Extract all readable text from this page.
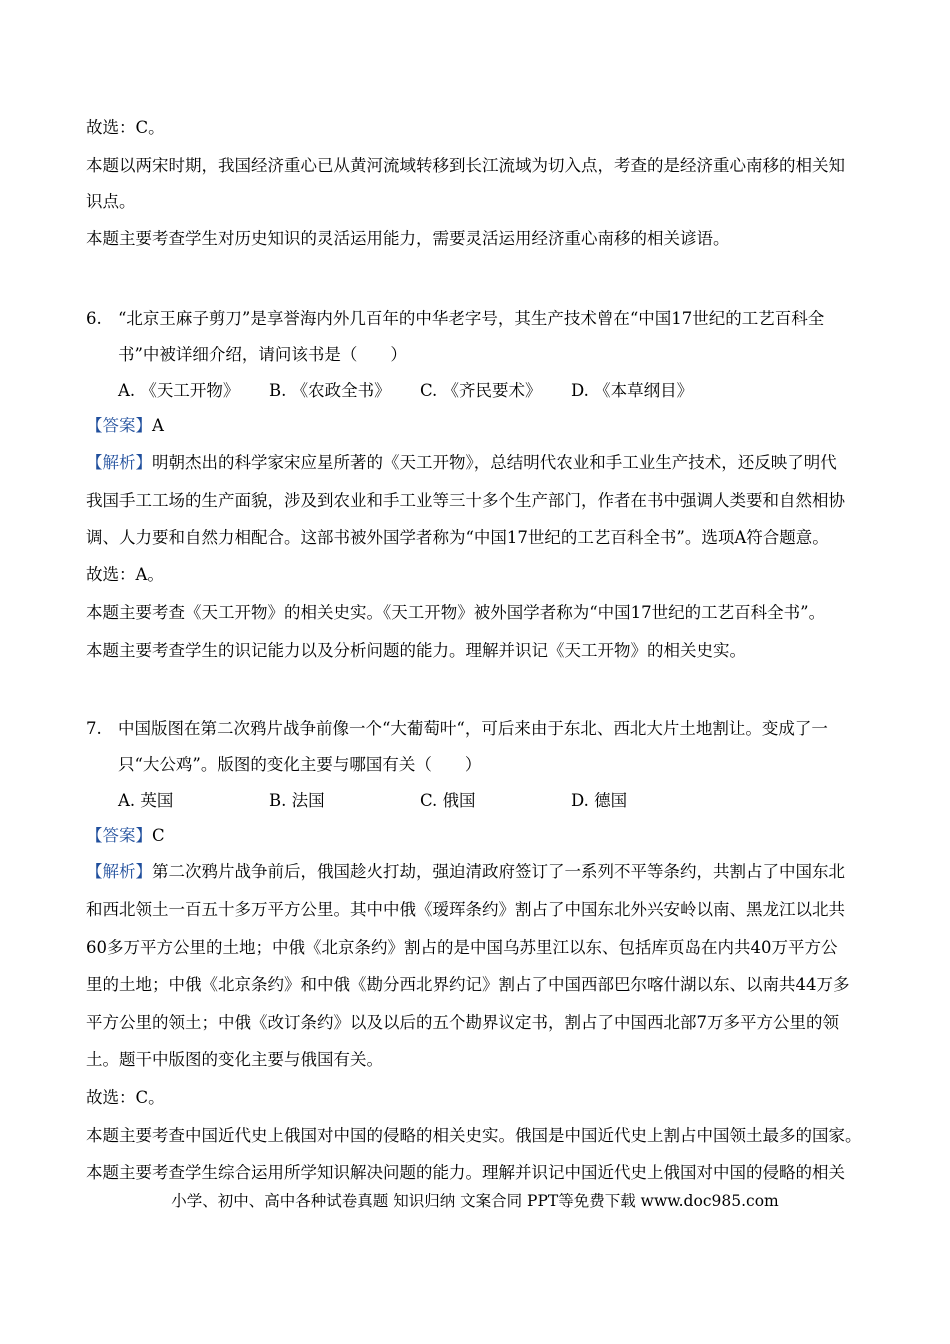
故选：C。
本题以两宋时期，我国经济重心已从黄河流域转移到长江流域为切入点，考查的是经济重心南移的相关知
识点。
本题主要考查学生对历史知识的灵活运用能力，需要灵活运用经济重心南移的相关谚语。
6. “北京王麻子剪刀”是享誉海内外几百年的中华老字号，其生产技术曾在“中国17世纪的工艺百科全
书”中被详细介绍，请问该书是（　　）
A. 《天工开物》 B. 《农政全书》 C. 《齐民要术》 D. 《本草纲目》
【答案】A
【解析】明朝杰出的科学家宋应星所著的《天工开物》，总结明代农业和手工业生产技术，还反映了明代
我国手工工场的生产面貌，涉及到农业和手工业等三十多个生产部门，作者在书中强调人类要和自然相协
调、人力要和自然力相配合。这部书被外国学者称为“中国17世纪的工艺百科全书”。选项A符合题意。
故选：A。
本题主要考查《天工开物》的相关史实。《天工开物》被外国学者称为“中国17世纪的工艺百科全书”。
本题主要考查学生的识记能力以及分析问题的能力。理解并识记《天工开物》的相关史实。
7. 中国版图在第二次鸦片战争前像一个“大葡萄叶“，可后来由于东北、西北大片土地割让。变成了一
只“大公鸡”。版图的变化主要与哪国有关（　　）
A. 英国	B. 法国	C. 俄国	D. 德国
【答案】C
【解析】第二次鸦片战争前后，俄国趁火打劫，强迫清政府签订了一系列不平等条约，共割占了中国东北
和西北领土一百五十多万平方公里。其中中俄《瑷珲条约》割占了中国东北外兴安岭以南、黑龙江以北共
60多万平方公里的土地；中俄《北京条约》割占的是中国乌苏里江以东、包括库页岛在内共40万平方公
里的土地；中俄《北京条约》和中俄《勘分西北界约记》割占了中国西部巴尔喀什湖以东、以南共44万多
平方公里的领土；中俄《改订条约》以及以后的五个勘界议定书，割占了中国西北部7万多平方公里的领
土。题干中版图的变化主要与俄国有关。
故选：C。
本题主要考查中国近代史上俄国对中国的侵略的相关史实。俄国是中国近代史上割占中国领土最多的国家。
本题主要考查学生综合运用所学知识解决问题的能力。理解并识记中国近代史上俄国对中国的侵略的相关
小学、初中、高中各种试卷真题 知识归纳 文案合同 PPT等免费下载 www.doc985.com
